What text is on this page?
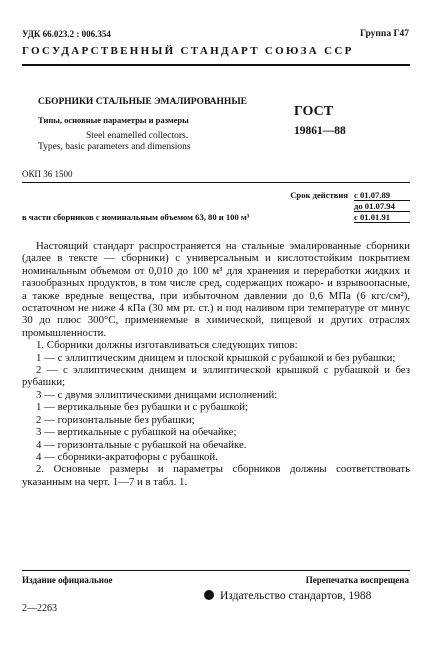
УДК 66.023.2 : 006.354	Группа Г47
ГОСУДАРСТВЕННЫЙ СТАНДАРТ СОЮЗА ССР
СБОРНИКИ СТАЛЬНЫЕ ЭМАЛИРОВАННЫЕ
Типы, основные параметры и размеры
Steel enamelled collectors.
Types, basic parameters and dimensions
ГОСТ
19861—88
ОКП 36 1500
Срок действия с 01.07.89
до 01.07.94
в части сборников с номинальным объемом 63, 80 и 100 м³	с 01.01.91

Настоящий стандарт распространяется на стальные эмалированные сборники (далее в тексте — сборники) с универсальным и кислотостойким покрытием номинальным объемом от 0,010 до 100 м³ для хранения и переработки жидких и газообразных продуктов, в том числе сред, содержащих пожаро- и взрывоопасные, а также вредные вещества, при избыточном давлении до 0,6 МПа (6 кгс/см²), остаточном не ниже 4 кПа (30 мм рт. ст.) и под наливом при температуре от минус 30 до плюс 300°С, применяемые в химической, пищевой и других отраслях промышленности.

1. Сборники должны изготавливаться следующих типов:

1 — с эллиптическим днищем и плоской крышкой с рубашкой и без рубашки;

2 — с эллиптическим днищем и эллиптической крышкой с рубашкой и без рубашки;

3 — с двумя эллиптическими днищами исполнений:

1 — вертикальные без рубашки и с рубашкой;

2 — горизонтальные без рубашки;

3 — вертикальные с рубашкой на обечайке;

4 — горизонтальные с рубашкой на обечайке.

4 — сборники-акратофоры с рубашкой.

2. Основные размеры и параметры сборников должны соответствовать указанным на черт. 1—7 и в табл. 1.

Издание официальное	Перепечатка воспрещена
Издательство стандартов, 1988
2—2263
